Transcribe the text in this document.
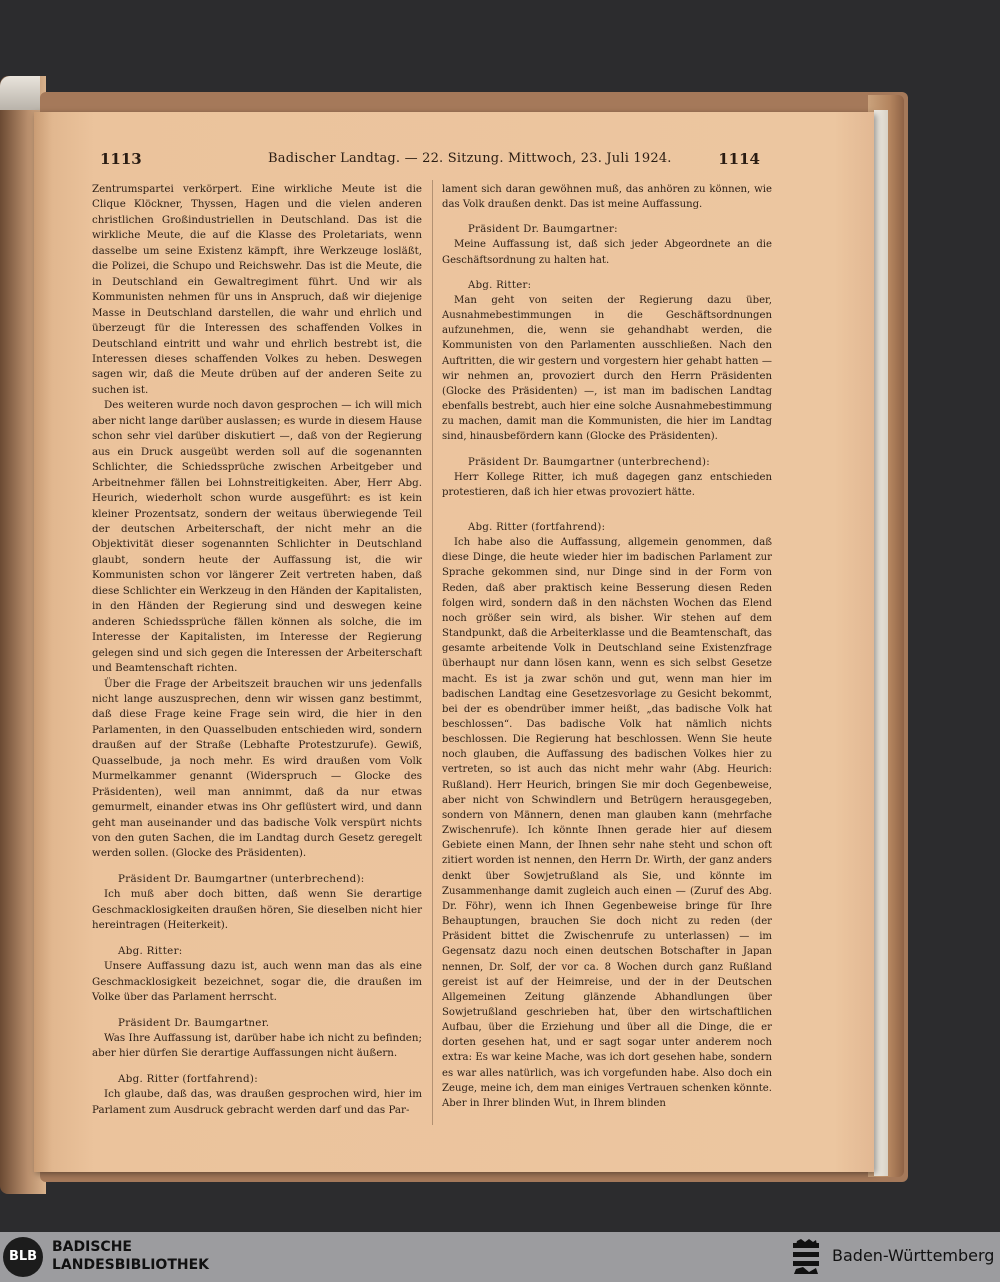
1113	Badischer Landtag. — 22. Sitzung. Mittwoch, 23. Juli 1924.	1114

Zentrumspartei verkörpert. Eine wirkliche Meute ist die Clique Klöckner, Thyssen, Hagen und die vielen anderen christlichen Großindustriellen in Deutschland. Das ist die wirkliche Meute, die auf die Klasse des Proletariats, wenn dasselbe um seine Existenz kämpft, ihre Werkzeuge losläßt, die Polizei, die Schupo und Reichswehr. Das ist die Meute, die in Deutschland ein Gewaltregiment führt. Und wir als Kommunisten nehmen für uns in Anspruch, daß wir diejenige Masse in Deutschland darstellen, die wahr und ehrlich und überzeugt für die Interessen des schaffenden Volkes in Deutschland eintritt und wahr und ehrlich bestrebt ist, die Interessen dieses schaffenden Volkes zu heben. Deswegen sagen wir, daß die Meute drüben auf der anderen Seite zu suchen ist.

Des weiteren wurde noch davon gesprochen — ich will mich aber nicht lange darüber auslassen; es wurde in diesem Hause schon sehr viel darüber diskutiert —, daß von der Regierung aus ein Druck ausgeübt werden soll auf die sogenannten Schlichter, die Schiedssprüche zwischen Arbeitgeber und Arbeitnehmer fällen bei Lohnstreitigkeiten. Aber, Herr Abg. Heurich, wiederholt schon wurde ausgeführt: es ist kein kleiner Prozentsatz, sondern der weitaus überwiegende Teil der deutschen Arbeiterschaft, der nicht mehr an die Objektivität dieser sogenannten Schlichter in Deutschland glaubt, sondern heute der Auffassung ist, die wir Kommunisten schon vor längerer Zeit vertreten haben, daß diese Schlichter ein Werkzeug in den Händen der Kapitalisten, in den Händen der Regierung sind und deswegen keine anderen Schiedssprüche fällen können als solche, die im Interesse der Kapitalisten, im Interesse der Regierung gelegen sind und sich gegen die Interessen der Arbeiterschaft und Beamtenschaft richten.

Über die Frage der Arbeitszeit brauchen wir uns jedenfalls nicht lange auszusprechen, denn wir wissen ganz bestimmt, daß diese Frage keine Frage sein wird, die hier in den Parlamenten, in den Quasselbuden entschieden wird, sondern draußen auf der Straße (Lebhafte Protestzurufe). Gewiß, Quasselbude, ja noch mehr. Es wird draußen vom Volk Murmelkammer genannt (Widerspruch — Glocke des Präsidenten), weil man annimmt, daß da nur etwas gemurmelt, einander etwas ins Ohr geflüstert wird, und dann geht man auseinander und das badische Volk verspürt nichts von den guten Sachen, die im Landtag durch Gesetz geregelt werden sollen. (Glocke des Präsidenten).

Präsident Dr. Baumgartner (unterbrechend):

Ich muß aber doch bitten, daß wenn Sie derartige Geschmacklosigkeiten draußen hören, Sie dieselben nicht hier hereintragen (Heiterkeit).

Abg. Ritter:

Unsere Auffassung dazu ist, auch wenn man das als eine Geschmacklosigkeit bezeichnet, sogar die, die draußen im Volke über das Parlament herrscht.

Präsident Dr. Baumgartner.

Was Ihre Auffassung ist, darüber habe ich nicht zu befinden; aber hier dürfen Sie derartige Auffassungen nicht äußern.

Abg. Ritter (fortfahrend):

Ich glaube, daß das, was draußen gesprochen wird, hier im Parlament zum Ausdruck gebracht werden darf und das Par-

lament sich daran gewöhnen muß, das anhören zu können, wie das Volk draußen denkt. Das ist meine Auffassung.

Präsident Dr. Baumgartner:

Meine Auffassung ist, daß sich jeder Abgeordnete an die Geschäftsordnung zu halten hat.

Abg. Ritter:

Man geht von seiten der Regierung dazu über, Ausnahmebestimmungen in die Geschäftsordnungen aufzunehmen, die, wenn sie gehandhabt werden, die Kommunisten von den Parlamenten ausschließen. Nach den Auftritten, die wir gestern und vorgestern hier gehabt hatten — wir nehmen an, provoziert durch den Herrn Präsidenten (Glocke des Präsidenten) —, ist man im badischen Landtag ebenfalls bestrebt, auch hier eine solche Ausnahmebestimmung zu machen, damit man die Kommunisten, die hier im Landtag sind, hinausbefördern kann (Glocke des Präsidenten).

Präsident Dr. Baumgartner (unterbrechend):

Herr Kollege Ritter, ich muß dagegen ganz entschieden protestieren, daß ich hier etwas provoziert hätte.

Abg. Ritter (fortfahrend):

Ich habe also die Auffassung, allgemein genommen, daß diese Dinge, die heute wieder hier im badischen Parlament zur Sprache gekommen sind, nur Dinge sind in der Form von Reden, daß aber praktisch keine Besserung diesen Reden folgen wird, sondern daß in den nächsten Wochen das Elend noch größer sein wird, als bisher. Wir stehen auf dem Standpunkt, daß die Arbeiterklasse und die Beamtenschaft, das gesamte arbeitende Volk in Deutschland seine Existenzfrage überhaupt nur dann lösen kann, wenn es sich selbst Gesetze macht. Es ist ja zwar schön und gut, wenn man hier im badischen Landtag eine Gesetzesvorlage zu Gesicht bekommt, bei der es obendrüber immer heißt, „das badische Volk hat beschlossen“. Das badische Volk hat nämlich nichts beschlossen. Die Regierung hat beschlossen. Wenn Sie heute noch glauben, die Auffassung des badischen Volkes hier zu vertreten, so ist auch das nicht mehr wahr (Abg. Heurich: Rußland). Herr Heurich, bringen Sie mir doch Gegenbeweise, aber nicht von Schwindlern und Betrügern herausgegeben, sondern von Männern, denen man glauben kann (mehrfache Zwischenrufe). Ich könnte Ihnen gerade hier auf diesem Gebiete einen Mann, der Ihnen sehr nahe steht und schon oft zitiert worden ist nennen, den Herrn Dr. Wirth, der ganz anders denkt über Sowjetrußland als Sie, und könnte im Zusammenhange damit zugleich auch einen — (Zuruf des Abg. Dr. Föhr), wenn ich Ihnen Gegenbeweise bringe für Ihre Behauptungen, brauchen Sie doch nicht zu reden (der Präsident bittet die Zwischenrufe zu unterlassen) — im Gegensatz dazu noch einen deutschen Botschafter in Japan nennen, Dr. Solf, der vor ca. 8 Wochen durch ganz Rußland gereist ist auf der Heimreise, und der in der Deutschen Allgemeinen Zeitung glänzende Abhandlungen über Sowjetrußland geschrieben hat, über den wirtschaftlichen Aufbau, über die Erziehung und über all die Dinge, die er dorten gesehen hat, und er sagt sogar unter anderem noch extra: Es war keine Mache, was ich dort gesehen habe, sondern es war alles natürlich, was ich vorgefunden habe. Also doch ein Zeuge, meine ich, dem man einiges Vertrauen schenken könnte. Aber in Ihrer blinden Wut, in Ihrem blinden

BLB
BADISCHE
LANDESBIBLIOTHEK	Baden-Württemberg
